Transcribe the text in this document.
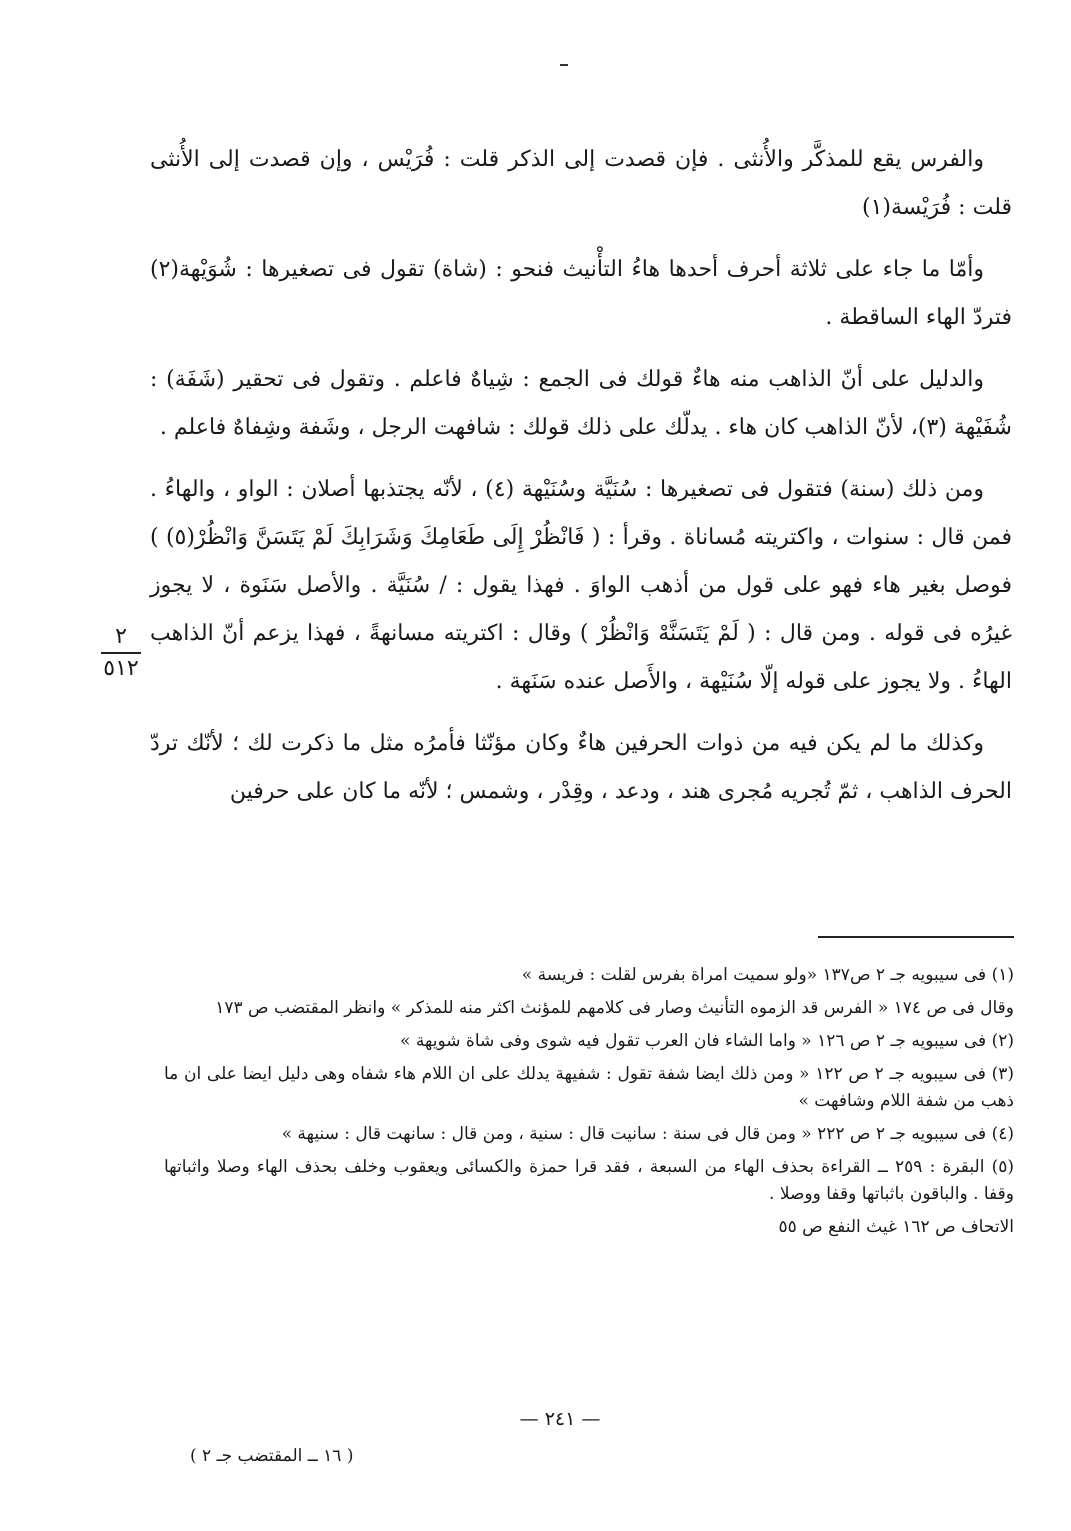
والفرس يقع للمذكَّر والأُنثى . فإن قصدت إلى الذكر قلت : فُرَيْس ، وإن قصدت إلى الأُنثى قلت : فُرَيْسة(١)

وأمّا ما جاء على ثلاثة أحرف أحدها هاءُ التأْنيث فنحو : (شاة) تقول فى تصغيرها : شُوَيْهة(٢) فتردّ الهاء الساقطة .

والدليل على أنّ الذاهب منه هاءٌ قولك فى الجمع : شِياهٌ فاعلم . وتقول فى تحقير (شَفَة) : شُفَيْهة (٣)، لأنّ الذاهب كان هاء . يدلّك على ذلك قولك : شافهت الرجل ، وشَفة وشِفاهٌ فاعلم .

ومن ذلك (سنة) فتقول فى تصغيرها : سُنَيَّة وسُنَيْهة (٤) ، لأنّه يجتذبها أصلان : الواو ، والهاءُ . فمن قال : سنوات ، واكتريته مُساناة . وقرأ : ( فَانْظُرْ إِلَى طَعَامِكَ وَشَرَابِكَ لَمْ يَتَسَنَّ وَانْظُرْ(٥) ) فوصل بغير هاء فهو على قول من أذهب الواوَ . فهذا يقول : / سُنَيَّة . والأصل سَنَوة ، لا يجوز غيرُه فى قوله . ومن قال : ( لَمْ يَتَسَنَّهْ وَانْظُرْ ) وقال : اكتريته مسانهةً ، فهذا يزعم أنّ الذاهب الهاءُ . ولا يجوز على قوله إلّا سُنَيْهة ، والأَصل عنده سَنَهة .

وكذلك ما لم يكن فيه من ذوات الحرفين هاءٌ وكان مؤنّثا فأمرُه مثل ما ذكرت لك ؛ لأنّك تردّ الحرف الذاهب ، ثمّ تُجريه مُجرى هند ، ودعد ، وقِدْر ، وشمس ؛ لأنّه ما كان على حرفين

٢
٥١٢
(١) فى سيبويه جـ ٢ ص١٣٧ «ولو سميت امراة بفرس لقلت : فريسة »
وقال فى ص ١٧٤ « الفرس قد الزموه التأنيث وصار فى كلامهم للمؤنث اكثر منه للمذكر » وانظر المقتضب ص ١٧٣
(٢) فى سيبويه جـ ٢ ص ١٢٦ « واما الشاء فان العرب تقول فيه شوى وفى شاة شويهة »
(٣) فى سيبويه جـ ٢ ص ١٢٢ « ومن ذلك ايضا شفة تقول : شفيهة يدلك على ان اللام هاء شفاه وهى دليل ايضا على ان ما ذهب من شفة اللام وشافهت »
(٤) فى سيبويه جـ ٢ ص ٢٢٢ « ومن قال فى سنة : سانيت قال : سنية ، ومن قال : سانهت قال : سنيهة »
(٥) البقرة : ٢٥٩ ــ القراءة بحذف الهاء من السبعة ، فقد قرا حمزة والكسائى ويعقوب وخلف بحذف الهاء وصلا واثباتها وقفا . والباقون باثباتها وقفا ووصلا .
الاتحاف ص ١٦٢ غيث النفع ص ٥٥
— ٢٤١ —
( ١٦ ــ المقتضب جـ ٢ )
